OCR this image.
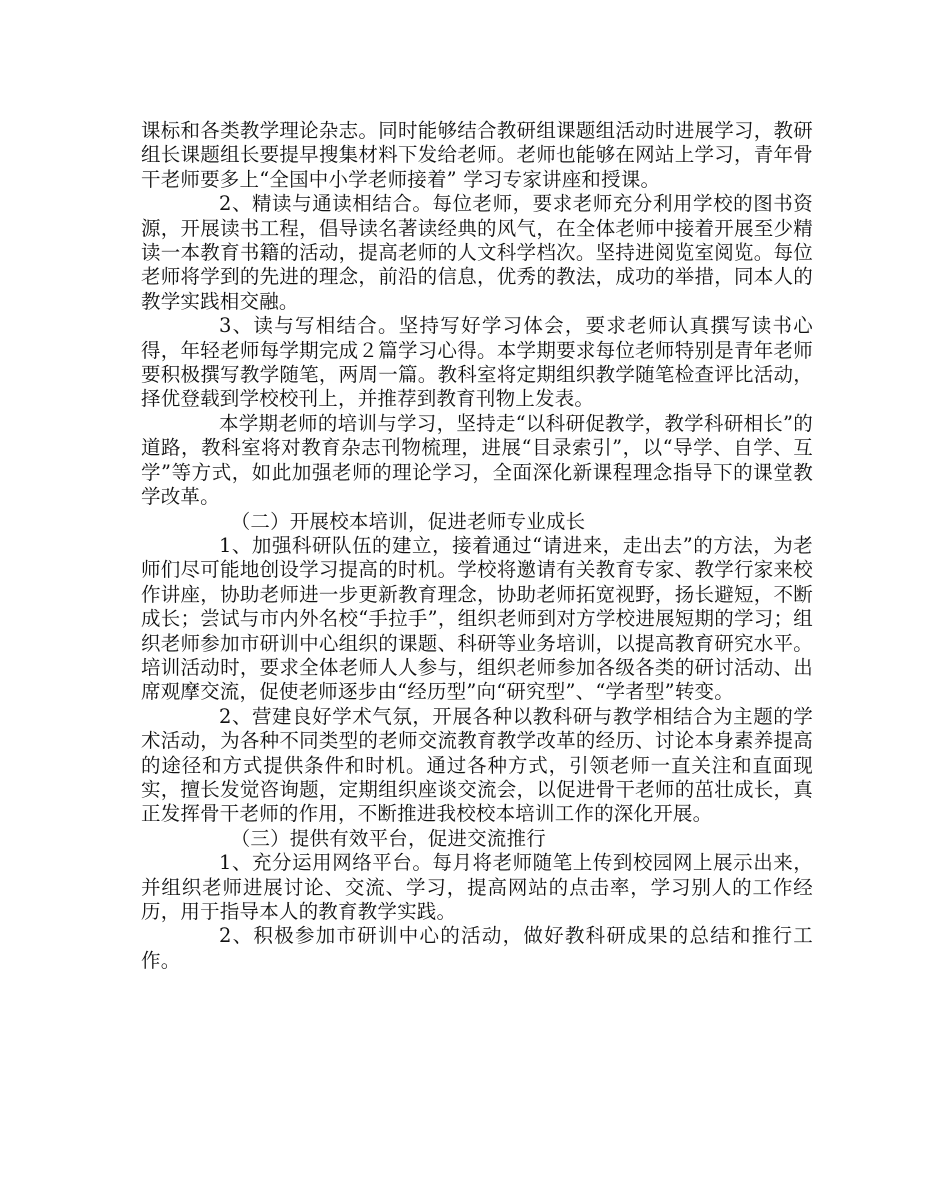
课标和各类教学理论杂志。同时能够结合教研组课题组活动时进展学习，教研组长课题组长要提早搜集材料下发给老师。老师也能够在网站上学习，青年骨干老师要多上“全国中小学老师接着” 学习专家讲座和授课。

2、精读与通读相结合。每位老师，要求老师充分利用学校的图书资源，开展读书工程，倡导读名著读经典的风气，在全体老师中接着开展至少精读一本教育书籍的活动，提高老师的人文科学档次。坚持进阅览室阅览。每位老师将学到的先进的理念，前沿的信息，优秀的教法，成功的举措，同本人的教学实践相交融。

3、读与写相结合。坚持写好学习体会，要求老师认真撰写读书心得，年轻老师每学期完成２篇学习心得。本学期要求每位老师特别是青年老师要积极撰写教学随笔，两周一篇。教科室将定期组织教学随笔检查评比活动，择优登载到学校校刊上，并推荐到教育刊物上发表。

本学期老师的培训与学习，坚持走“以科研促教学，教学科研相长”的道路，教科室将对教育杂志刊物梳理，进展“目录索引”，以“导学、自学、互学”等方式，如此加强老师的理论学习，全面深化新课程理念指导下的课堂教学改革。

（二）开展校本培训，促进老师专业成长

1、加强科研队伍的建立，接着通过“请进来，走出去”的方法，为老师们尽可能地创设学习提高的时机。学校将邀请有关教育专家、教学行家来校作讲座，协助老师进一步更新教育理念，协助老师拓宽视野，扬长避短，不断成长；尝试与市内外名校“手拉手”，组织老师到对方学校进展短期的学习；组织老师参加市研训中心组织的课题、科研等业务培训，以提高教育研究水平。培训活动时，要求全体老师人人参与，组织老师参加各级各类的研讨活动、出席观摩交流，促使老师逐步由“经历型”向“研究型”、“学者型”转变。

2、营建良好学术气氛，开展各种以教科研与教学相结合为主题的学术活动，为各种不同类型的老师交流教育教学改革的经历、讨论本身素养提高的途径和方式提供条件和时机。通过各种方式，引领老师一直关注和直面现实，擅长发觉咨询题，定期组织座谈交流会，以促进骨干老师的茁壮成长，真正发挥骨干老师的作用，不断推进我校校本培训工作的深化开展。

（三）提供有效平台，促进交流推行

1、充分运用网络平台。每月将老师随笔上传到校园网上展示出来，并组织老师进展讨论、交流、学习，提高网站的点击率，学习别人的工作经历，用于指导本人的教育教学实践。

2、积极参加市研训中心的活动，做好教科研成果的总结和推行工作。
